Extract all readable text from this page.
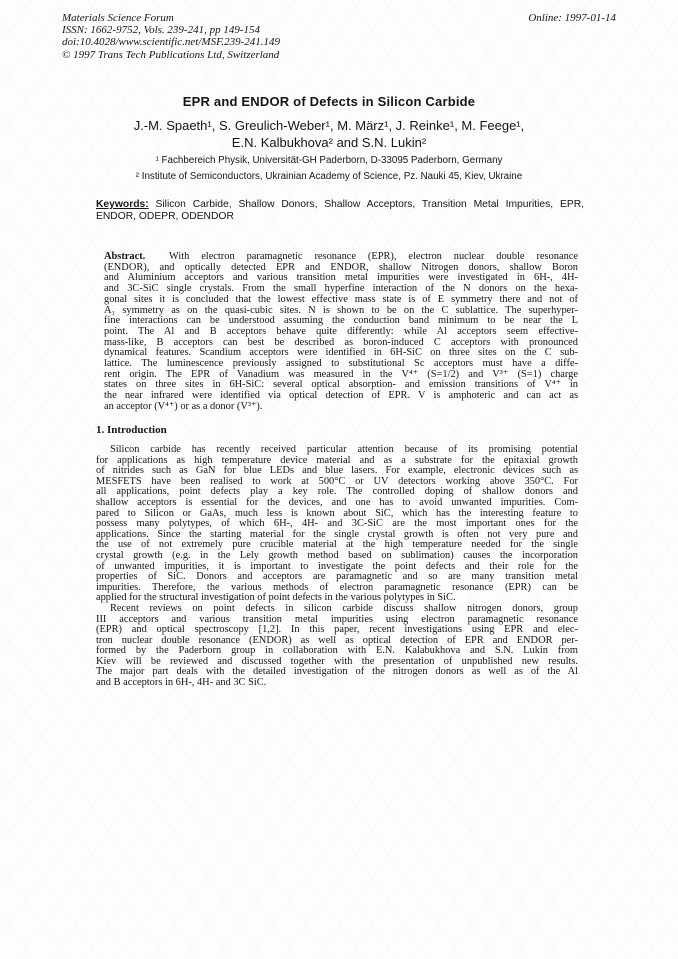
Materials Science Forum
ISSN: 1662-9752, Vols. 239-241, pp 149-154
doi:10.4028/www.scientific.net/MSF.239-241.149
© 1997 Trans Tech Publications Ltd, Switzerland
Online: 1997-01-14
EPR and ENDOR of Defects in Silicon Carbide
J.-M. Spaeth¹, S. Greulich-Weber¹, M. März¹, J. Reinke¹, M. Feege¹,
E.N. Kalbukhova² and S.N. Lukin²
¹ Fachbereich Physik, Universität-GH Paderborn, D-33095 Paderborn, Germany
² Institute of Semiconductors, Ukrainian Academy of Science, Pz. Nauki 45, Kiev, Ukraine
Keywords: Silicon Carbide, Shallow Donors, Shallow Acceptors, Transition Metal Impurities, EPR,
ENDOR, ODEPR, ODENDOR
Abstract. With electron paramagnetic resonance (EPR), electron nuclear double resonance
(ENDOR), and optically detected EPR and ENDOR, shallow Nitrogen donors, shallow Boron
and Aluminium acceptors and various transition metal impurities were investigated in 6H-, 4H-
and 3C-SiC single crystals. From the small hyperfine interaction of the N donors on the hexa-
gonal sites it is concluded that the lowest effective mass state is of E symmetry there and not of
A₁ symmetry as on the quasi-cubic sites. N is shown to be on the C sublattice. The superhyper-
fine interactions can be understood assuming the conduction band minimum to be near the L
point. The Al and B acceptors behave quite differently: while Al acceptors seem effective-
mass-like, B acceptors can best be described as boron-induced C acceptors with pronounced
dynamical features. Scandium acceptors were identified in 6H-SiC on three sites on the C sub-
lattice. The luminescence previously assigned to substitutional Sc acceptors must have a diffe-
rent origin. The EPR of Vanadium was measured in the V⁴⁺ (S=1/2) and V³⁺ (S=1) charge
states on three sites in 6H-SiC: several optical absorption- and emission transitions of V⁴⁺ in
the near infrared were identified via optical detection of EPR. V is amphoteric and can act as
an acceptor (V⁴⁺) or as a donor (V³⁺).
1. Introduction
Silicon carbide has recently received particular attention because of its promising potential
for applications as high temperature device material and as a substrate for the epitaxial growth
of nitrides such as GaN for blue LEDs and blue lasers. For example, electronic devices such as
MESFETS have been realised to work at 500°C or UV detectors working above 350°C. For
all applications, point defects play a key role. The controlled doping of shallow donors and
shallow acceptors is essential for the devices, and one has to avoid unwanted impurities. Com-
pared to Silicon or GaAs, much less is known about SiC, which has the interesting feature to
possess many polytypes, of which 6H-, 4H- and 3C-SiC are the most important ones for the
applications. Since the starting material for the single crystal growth is often not very pure and
the use of not extremely pure crucible material at the high temperature needed for the single
crystal growth (e.g. in the Lely growth method based on sublimation) causes the incorporation
of unwanted impurities, it is important to investigate the point defects and their role for the
properties of SiC. Donors and acceptors are paramagnetic and so are many transition metal
impurities. Therefore, the various methods of electron paramagnetic resonance (EPR) can be
applied for the structural investigation of point defects in the various polytypes in SiC.
Recent reviews on point defects in silicon carbide discuss shallow nitrogen donors, group
III acceptors and various transition metal impurities using electron paramagnetic resonance
(EPR) and optical spectroscopy [1,2]. In this paper, recent investigations using EPR and elec-
tron nuclear double resonance (ENDOR) as well as optical detection of EPR and ENDOR per-
formed by the Paderborn group in collaboration with E.N. Kalabukhova and S.N. Lukin from
Kiev will be reviewed and discussed together with the presentation of unpublished new results.
The major part deals with the detailed investigation of the nitrogen donors as well as of the Al
and B acceptors in 6H-, 4H- and 3C SiC.
